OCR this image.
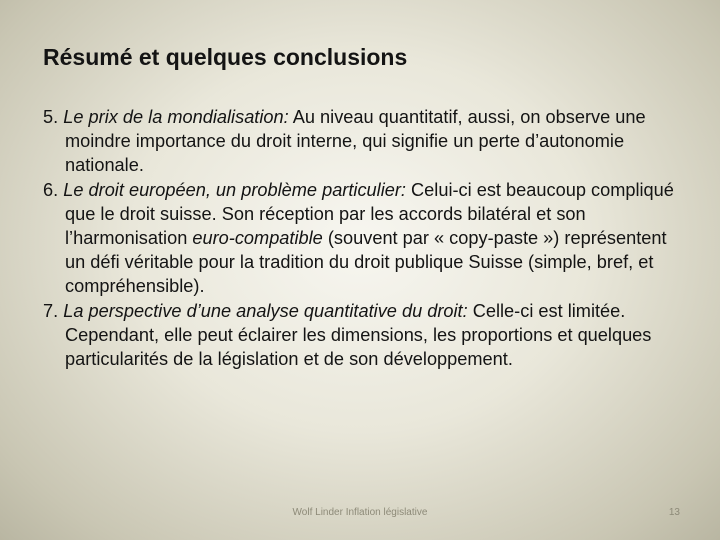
Résumé et quelques conclusions

5. Le prix de la mondialisation: Au niveau quantitatif, aussi, on observe une moindre importance du droit interne, qui signifie un perte d’autonomie nationale.

6. Le droit européen, un problème particulier: Celui-ci est beaucoup compliqué que le droit suisse. Son réception par les accords bilatéral et son l’harmonisation euro-compatible (souvent par « copy-paste ») représentent un défi véritable pour la tradition du droit publique Suisse (simple, bref, et compréhensible).

7. La perspective d’une analyse quantitative du droit: Celle-ci est limitée. Cependant, elle peut éclairer les dimensions, les proportions et quelques particularités de la législation et de son développement.

Wolf Linder Inflation législative	13
